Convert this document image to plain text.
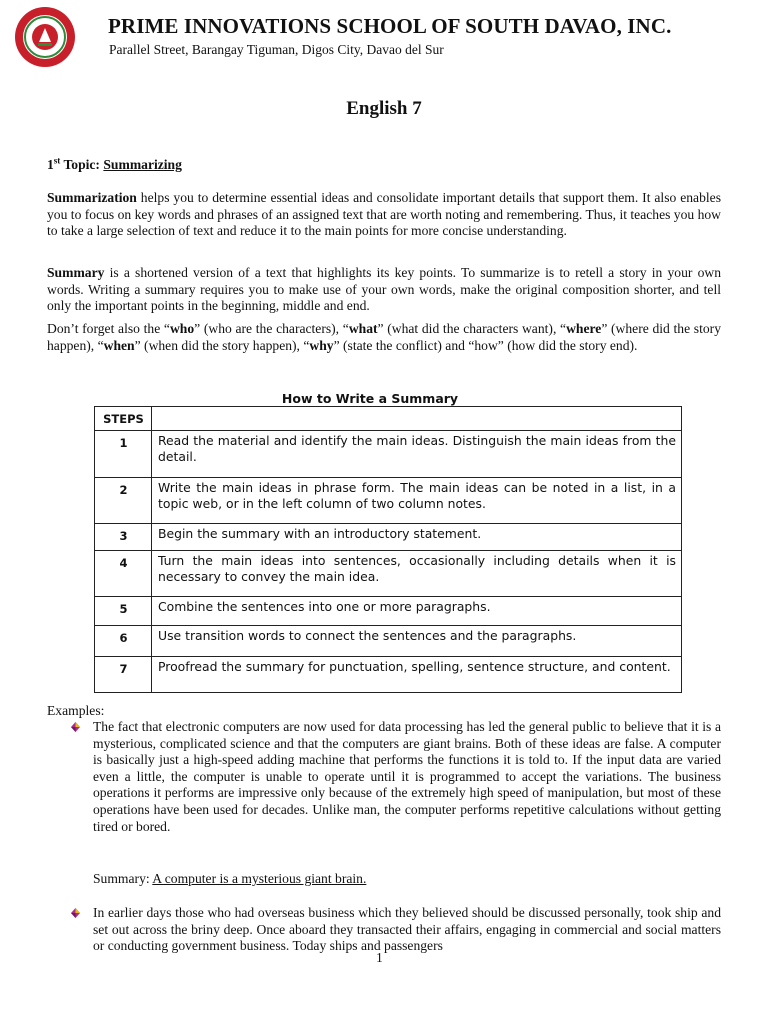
PRIME INNOVATIONS SCHOOL OF SOUTH DAVAO, INC.
Parallel Street, Barangay Tiguman, Digos City, Davao del Sur
English 7
1st Topic: Summarizing

Summarization helps you to determine essential ideas and consolidate important details that support them. It also enables you to focus on key words and phrases of an assigned text that are worth noting and remembering. Thus, it teaches you how to take a large selection of text and reduce it to the main points for more concise understanding.

Summary is a shortened version of a text that highlights its key points. To summarize is to retell a story in your own words. Writing a summary requires you to make use of your own words, make the original composition shorter, and tell only the important points in the beginning, middle and end.

Don’t forget also the “who” (who are the characters), “what” (what did the characters want), “where” (where did the story happen), “when” (when did the story happen), “why” (state the conflict) and “how” (how did the story end).

How to Write a Summary
STEPS	
1	Read the material and identify the main ideas. Distinguish the main ideas from the detail.
2	Write the main ideas in phrase form. The main ideas can be noted in a list, in a topic web, or in the left column of two column notes.
3	Begin the summary with an introductory statement.
4	Turn the main ideas into sentences, occasionally including details when it is necessary to convey the main idea.
5	Combine the sentences into one or more paragraphs.
6	Use transition words to connect the sentences and the paragraphs.
7	Proofread the summary for punctuation, spelling, sentence structure, and content.
Examples:

The fact that electronic computers are now used for data processing has led the general public to believe that it is a mysterious, complicated science and that the computers are giant brains. Both of these ideas are false. A computer is basically just a high-speed adding machine that performs the functions it is told to. If the input data are varied even a little, the computer is unable to operate until it is programmed to accept the variations. The business operations it performs are impressive only because of the extremely high speed of manipulation, but most of these operations have been used for decades. Unlike man, the computer performs repetitive calculations without getting tired or bored.

Summary: A computer is a mysterious giant brain.

In earlier days those who had overseas business which they believed should be discussed personally, took ship and set out across the briny deep. Once aboard they transacted their affairs, engaging in commercial and social matters or conducting government business. Today ships and passengers

1
